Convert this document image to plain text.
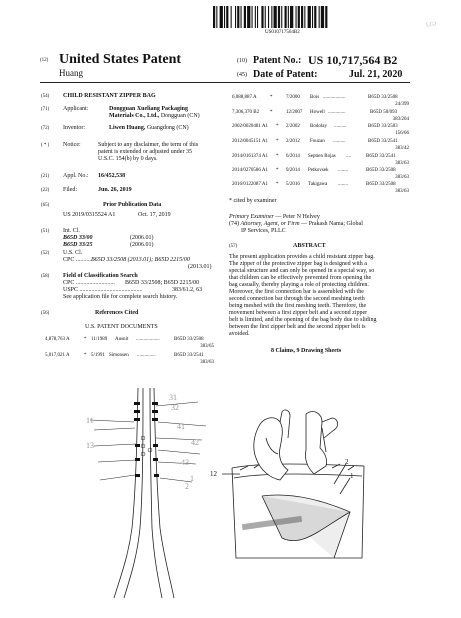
US010717564B2
LGJ
(12) United States Patent
Huang
(10) Patent No.: US 10,717,564 B2
(45) Date of Patent:	Jul. 21, 2020
(54) CHILD RESISTANT ZIPPER BAG
(71) Applicant:	Dongguan Xueliang Packaging
Materials Co., Ltd., Dongguan (CN)
(72) Inventor:	Liwen Huang, Guangdong (CN)
( * ) Notice:	Subject to any disclaimer, the term of this
patent is extended or adjusted under 35
U.S.C. 154(b) by 0 days.
(21) Appl. No.: 16/452,538
(22) Filed:	Jun. 26, 2019
(65)	Prior Publication Data
US 2019/0315524 A1	Oct. 17, 2019
(51) Int. Cl.
B65D 33/00	(2006.01)
B65D 33/25	(2006.01)
(52) U.S. Cl.
CPC .......... B65D 33/2508 (2013.01); B65D 2215/00
(2013.01)
(58) Field of Classification Search
CPC .......................... B65D 33/2508; B65D 2215/00
USPC ..........................................	383/61.2, 63
See application file for complete search history.
(56)	References Cited
U.S. PATENT DOCUMENTS
4,878,763 A	* 11/1989 Ausnit ...................	B65D 33/2508
383/65
5,017,021 A	* 5/1991 Simonsen ...............	B65D 33/2541
383/63
6,088,887 A	*	7/2000 Bois ..................	B65D 33/2508
24/399
7,306,370 B2 *	12/2007 Howell ..............	B65D 50/093
383/204
2002/0020481 A1 * 2/2002 Bodolay ..........	B65D 33/2583
156/66
2012/0045151 A1 * 2/2012 Fouzan ..........	B65D 33/2541
383/42
2014/0161374 A1 * 6/2014 Septien Rojas ....	B65D 33/2541
383/63
2014/0270586 A1 * 9/2014 Petkovsek ........	B65D 33/2508
383/63
2016/0122087 A1 * 5/2016 Takigawa ........	B65D 33/2508
383/63
* cited by examiner
Primary Examiner — Peter N Helvey
(74) Attorney, Agent, or Firm — Prakash Nama; Global
IP Services, PLLC
(57)	ABSTRACT
The present application provides a child resistant zipper bag.
The zipper of the protective zipper bag is designed with a
special structure and can only be opened in a special way, so
that children can be effectively prevented from opening the
bag casually, thereby playing a role of protecting children.
Moreover, the first connection bar is assembled with the
second connection bar through the second meshing teeth
being meshed with the first meshing teeth. Therefore, the
movement between a first zipper belt and a second zipper
belt is limited, and the opening of the bag body due to sliding
between the first zipper belt and the second zipper belt is
avoided.
8 Claims, 9 Drawing Sheets
31
32
41
42
43
1
2
11
13
12
2
1
